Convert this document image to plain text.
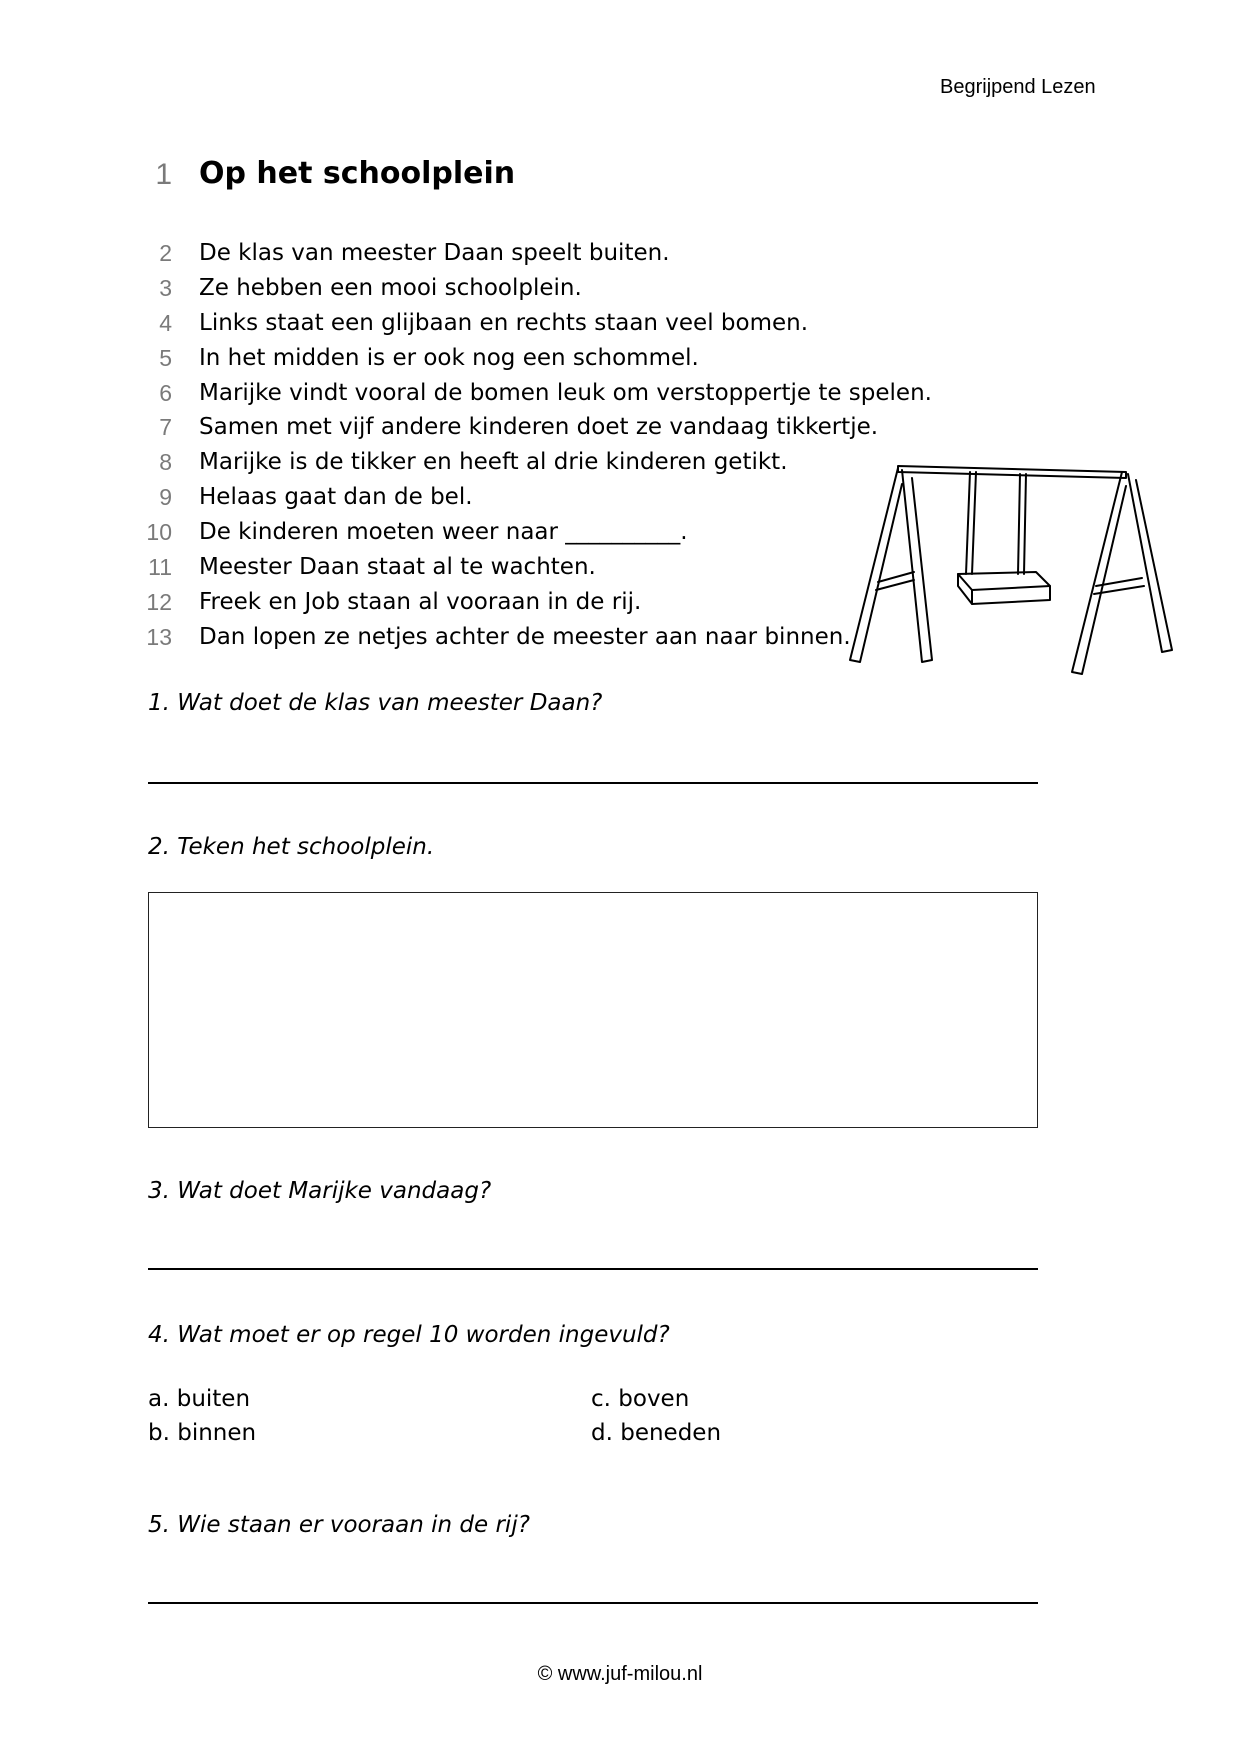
Begrijpend Lezen
1 Op het schoolplein
2 De klas van meester Daan speelt buiten.
3 Ze hebben een mooi schoolplein.
4 Links staat een glijbaan en rechts staan veel bomen.
5 In het midden is er ook nog een schommel.
6 Marijke vindt vooral de bomen leuk om verstoppertje te spelen.
7 Samen met vijf andere kinderen doet ze vandaag tikkertje.
8 Marijke is de tikker en heeft al drie kinderen getikt.
9 Helaas gaat dan de bel.
10 De kinderen moeten weer naar __________.
11 Meester Daan staat al te wachten.
12 Freek en Job staan al vooraan in de rij.
13 Dan lopen ze netjes achter de meester aan naar binnen.
1. Wat doet de klas van meester Daan?
2. Teken het schoolplein.
3. Wat doet Marijke vandaag?
4. Wat moet er op regel 10 worden ingevuld?
a. buiten
b. binnen
c. boven
d. beneden
5. Wie staan er vooraan in de rij?
© www.juf-milou.nl
